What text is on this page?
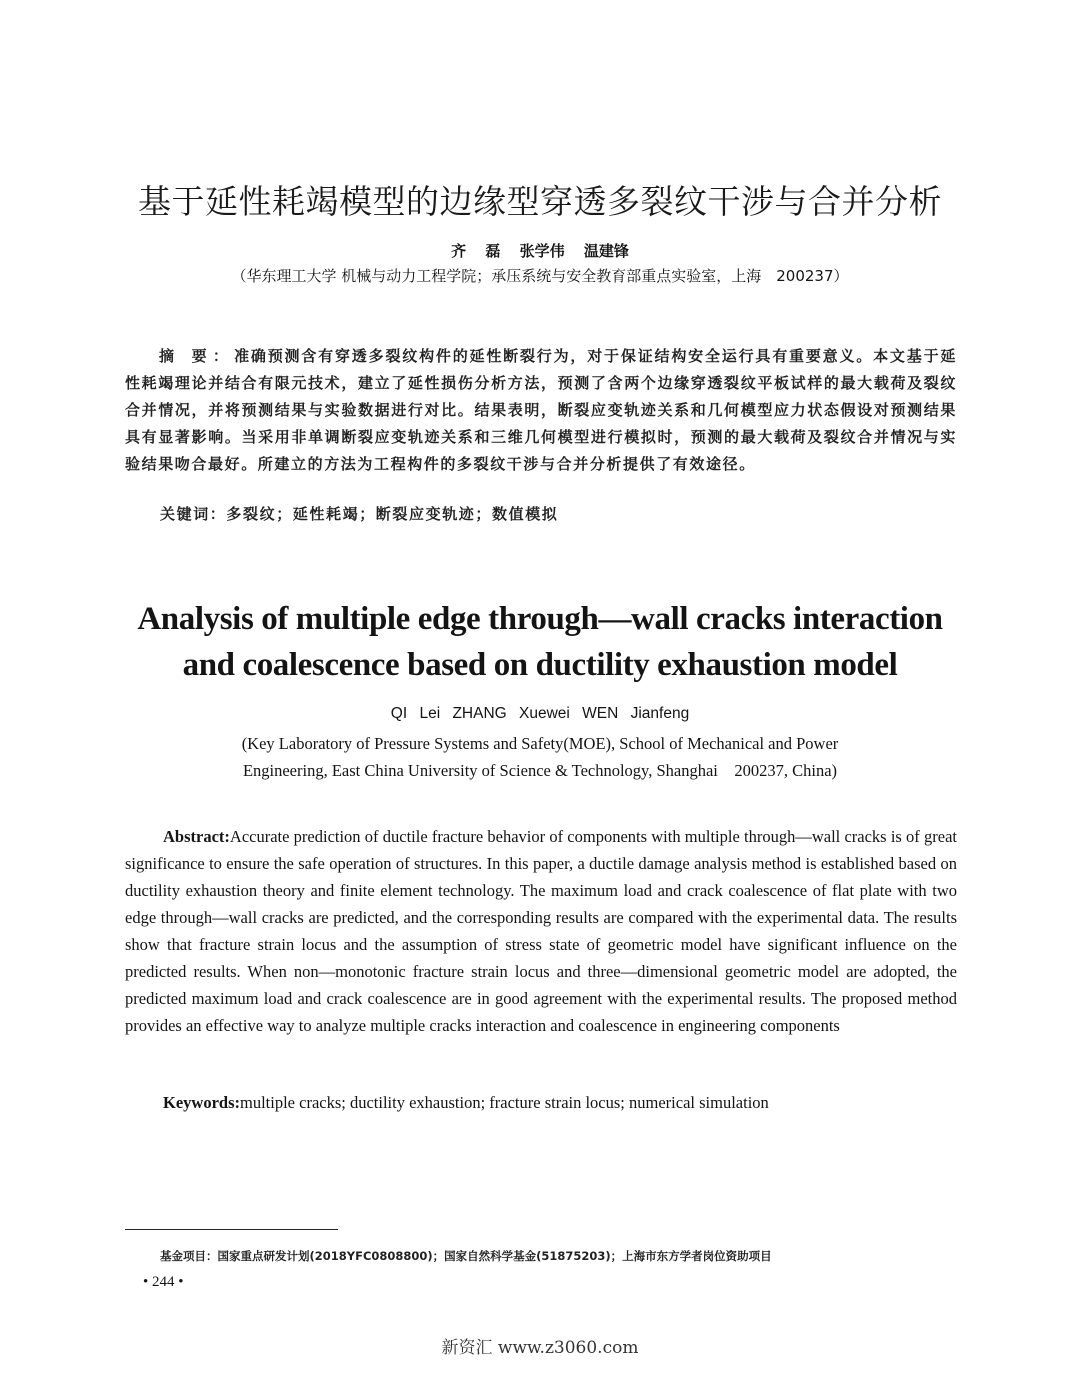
基于延性耗竭模型的边缘型穿透多裂纹干涉与合并分析
齐 磊 张学伟 温建锋
（华东理工大学 机械与动力工程学院；承压系统与安全教育部重点实验室，上海　200237）
摘 要：准确预测含有穿透多裂纹构件的延性断裂行为，对于保证结构安全运行具有重要意义。本文基于延性耗竭理论并结合有限元技术，建立了延性损伤分析方法，预测了含两个边缘穿透裂纹平板试样的最大载荷及裂纹合并情况，并将预测结果与实验数据进行对比。结果表明，断裂应变轨迹关系和几何模型应力状态假设对预测结果具有显著影响。当采用非单调断裂应变轨迹关系和三维几何模型进行模拟时，预测的最大载荷及裂纹合并情况与实验结果吻合最好。所建立的方法为工程构件的多裂纹干涉与合并分析提供了有效途径。
关键词：多裂纹；延性耗竭；断裂应变轨迹；数值模拟
Analysis of multiple edge through—wall cracks interaction
and coalescence based on ductility exhaustion model
QI Lei ZHANG Xuewei WEN Jianfeng
(Key Laboratory of Pressure Systems and Safety(MOE), School of Mechanical and Power
Engineering, East China University of Science & Technology, Shanghai　200237, China)
Abstract:Accurate prediction of ductile fracture behavior of components with multiple through—wall cracks is of great significance to ensure the safe operation of structures. In this paper, a ductile damage analysis method is established based on ductility exhaustion theory and finite element technology. The maximum load and crack coalescence of flat plate with two edge through—wall cracks are predicted, and the corresponding results are compared with the experimental data. The results show that fracture strain locus and the assumption of stress state of geometric model have significant influence on the predicted results. When non—monotonic fracture strain locus and three—dimensional geometric model are adopted, the predicted maximum load and crack coalescence are in good agreement with the experimental results. The proposed method provides an effective way to analyze multiple cracks interaction and coalescence in engineering components
Keywords:multiple cracks; ductility exhaustion; fracture strain locus; numerical simulation
基金项目：国家重点研发计划(2018YFC0808800)；国家自然科学基金(51875203)；上海市东方学者岗位资助项目
• 244 •
新资汇 www.z3060.com
